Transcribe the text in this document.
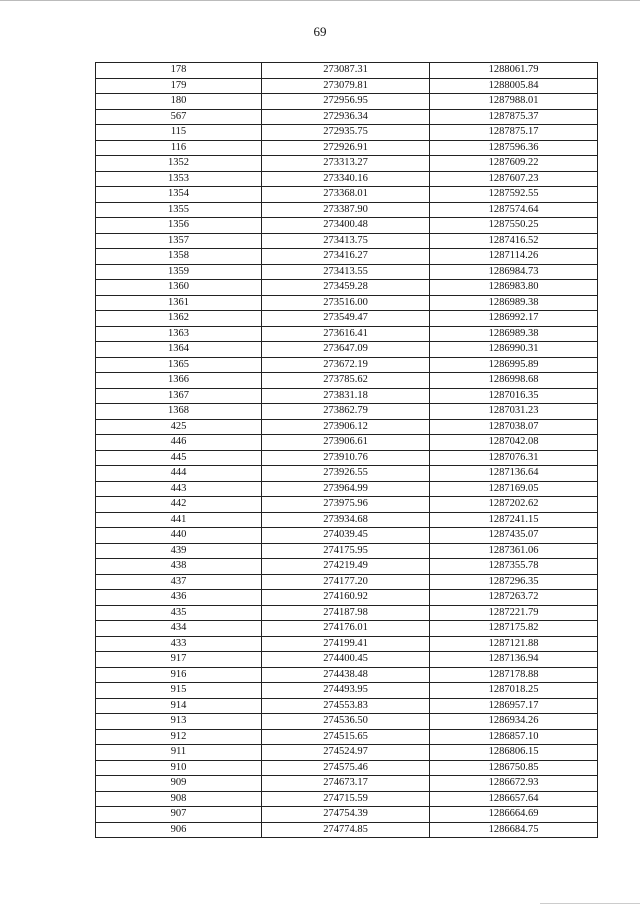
69
178	273087.31	1288061.79
179	273079.81	1288005.84
180	272956.95	1287988.01
567	272936.34	1287875.37
115	272935.75	1287875.17
116	272926.91	1287596.36
1352	273313.27	1287609.22
1353	273340.16	1287607.23
1354	273368.01	1287592.55
1355	273387.90	1287574.64
1356	273400.48	1287550.25
1357	273413.75	1287416.52
1358	273416.27	1287114.26
1359	273413.55	1286984.73
1360	273459.28	1286983.80
1361	273516.00	1286989.38
1362	273549.47	1286992.17
1363	273616.41	1286989.38
1364	273647.09	1286990.31
1365	273672.19	1286995.89
1366	273785.62	1286998.68
1367	273831.18	1287016.35
1368	273862.79	1287031.23
425	273906.12	1287038.07
446	273906.61	1287042.08
445	273910.76	1287076.31
444	273926.55	1287136.64
443	273964.99	1287169.05
442	273975.96	1287202.62
441	273934.68	1287241.15
440	274039.45	1287435.07
439	274175.95	1287361.06
438	274219.49	1287355.78
437	274177.20	1287296.35
436	274160.92	1287263.72
435	274187.98	1287221.79
434	274176.01	1287175.82
433	274199.41	1287121.88
917	274400.45	1287136.94
916	274438.48	1287178.88
915	274493.95	1287018.25
914	274553.83	1286957.17
913	274536.50	1286934.26
912	274515.65	1286857.10
911	274524.97	1286806.15
910	274575.46	1286750.85
909	274673.17	1286672.93
908	274715.59	1286657.64
907	274754.39	1286664.69
906	274774.85	1286684.75
